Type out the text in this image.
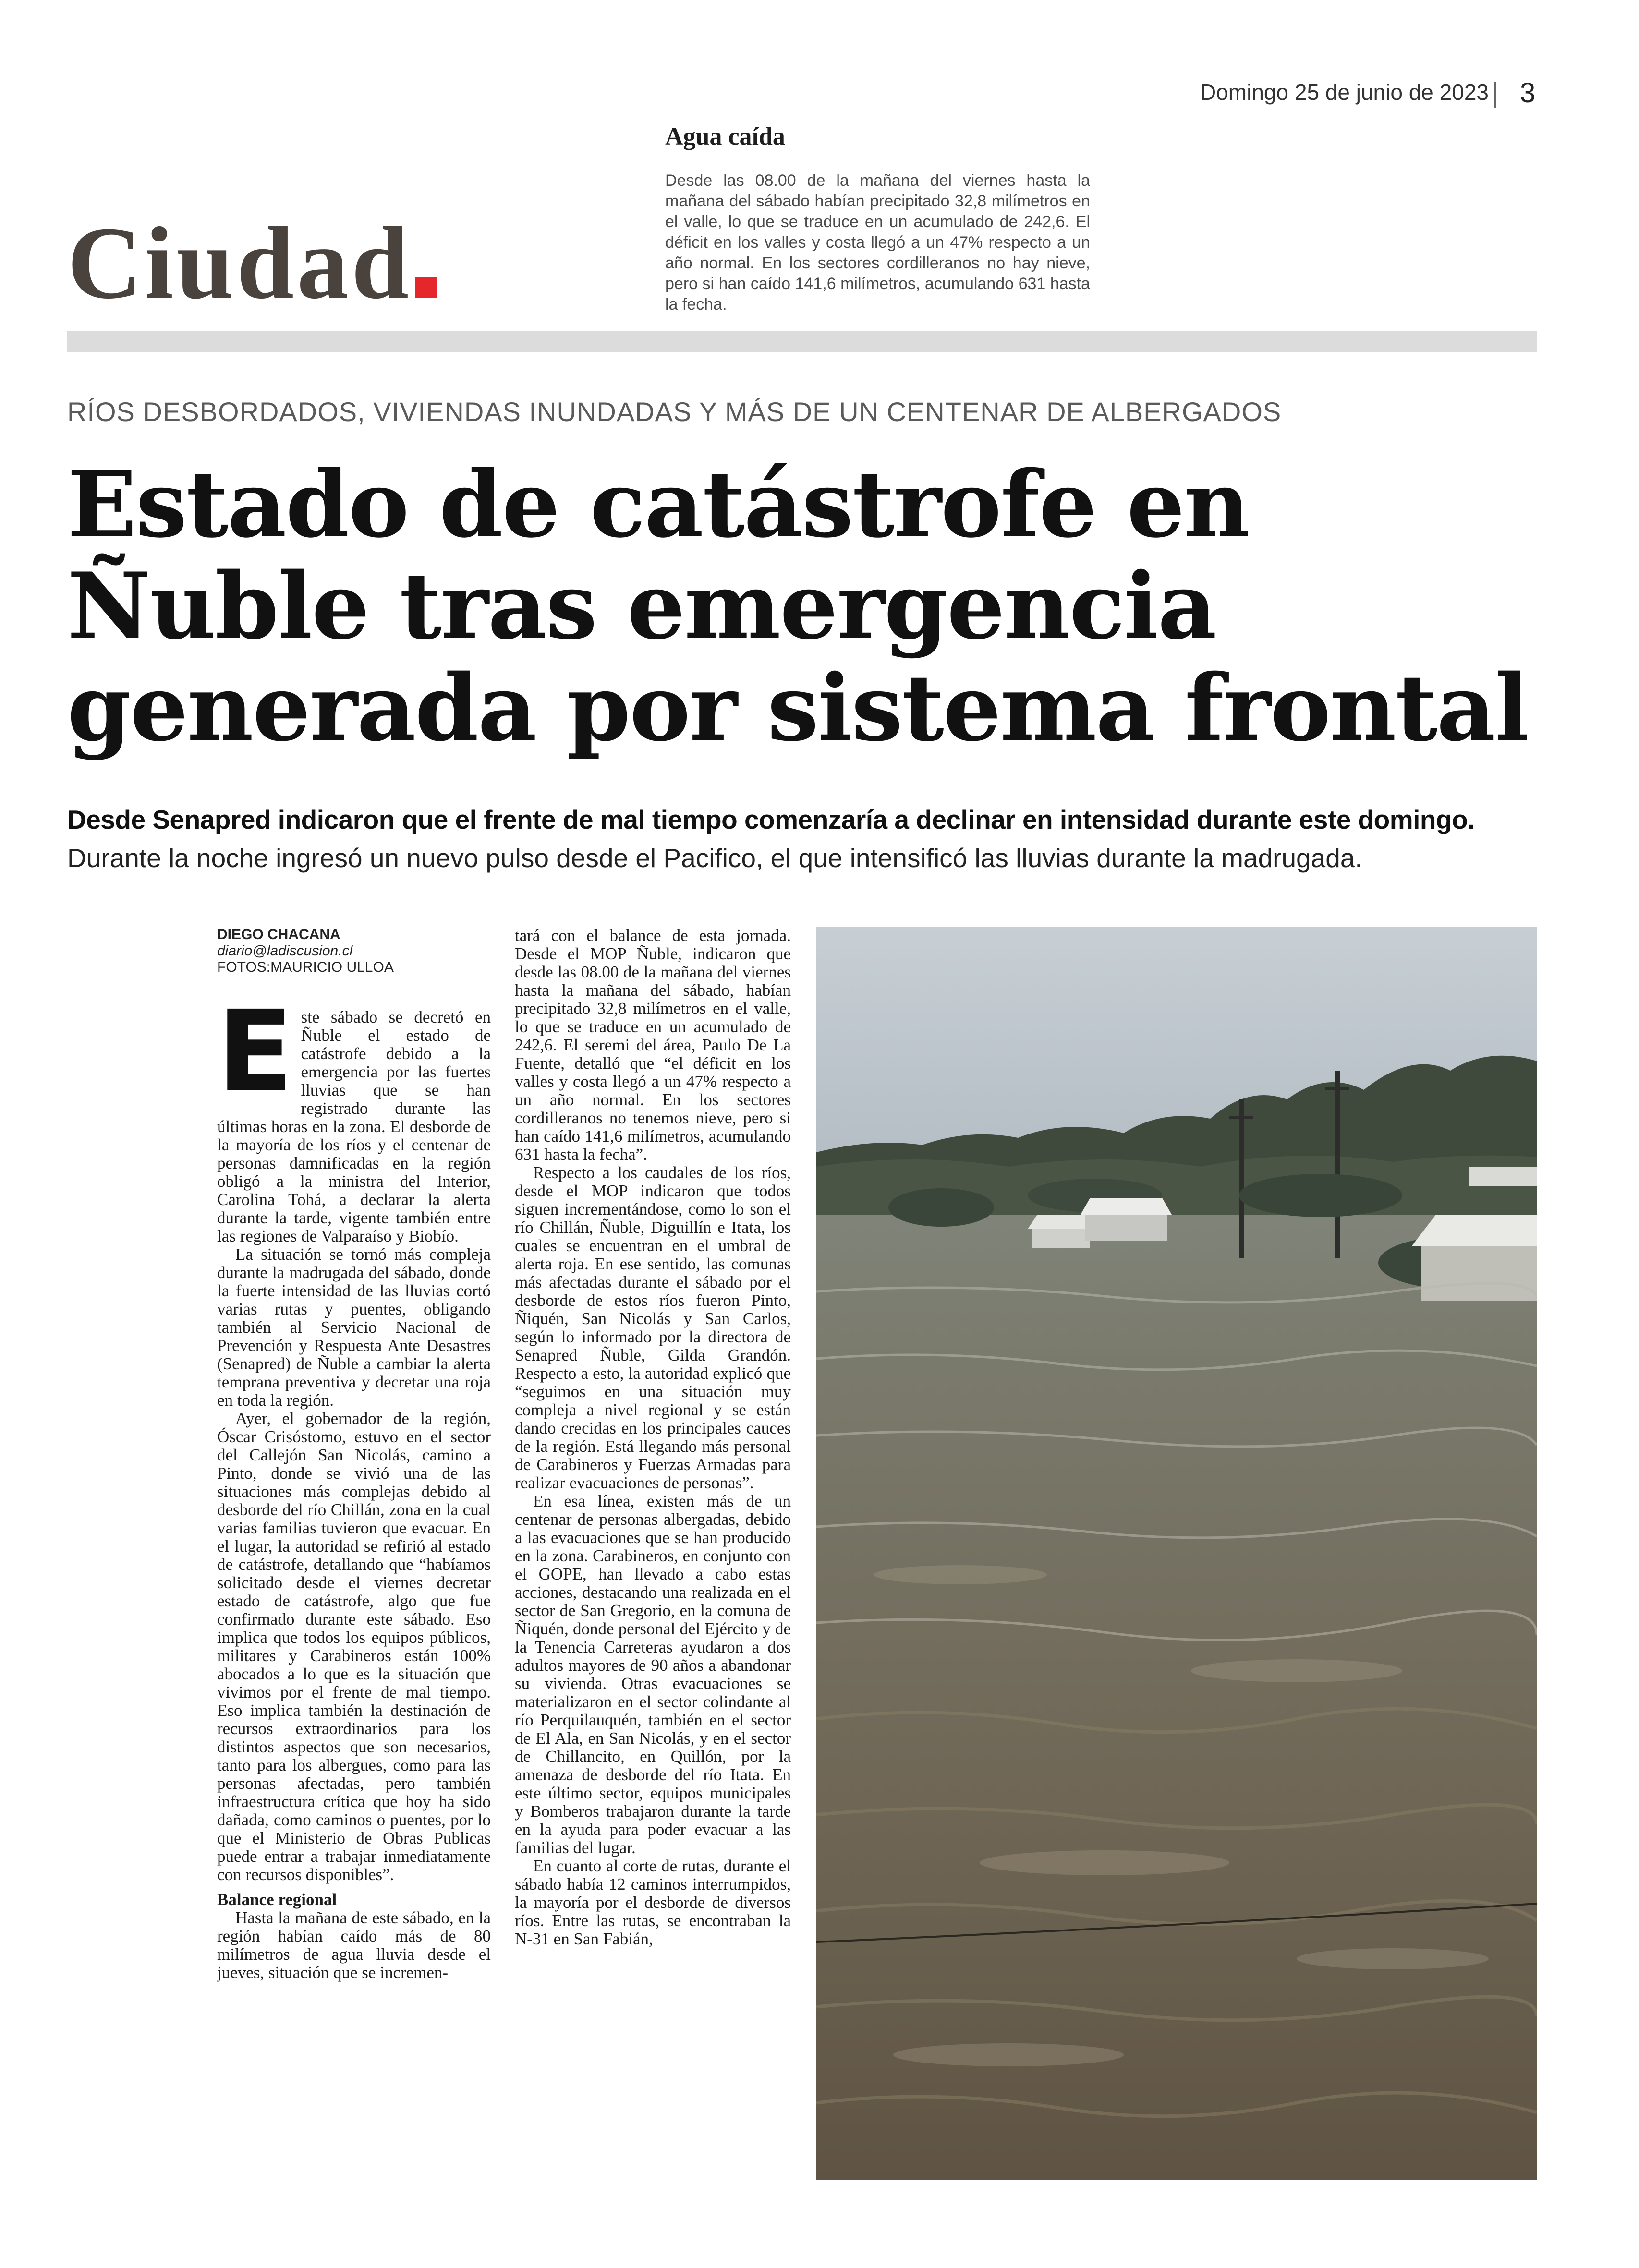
Domingo 25 de junio de 2023 3
Ciudad
Agua caída
Desde las 08.00 de la mañana del viernes hasta la mañana del sábado habían precipitado 32,8 milímetros en el valle, lo que se traduce en un acumulado de 242,6. El déficit en los valles y costa llegó a un 47% respecto a un año normal. En los sectores cordilleranos no hay nieve, pero si han caído 141,6 milímetros, acumulando 631 hasta la fecha.
RÍOS DESBORDADOS, VIVIENDAS INUNDADAS Y MÁS DE UN CENTENAR DE ALBERGADOS
Estado de catástrofe en
Ñuble tras emergencia
generada por sistema frontal
Desde Senapred indicaron que el frente de mal tiempo comenzaría a declinar en intensidad durante este domingo.
Durante la noche ingresó un nuevo pulso desde el Pacifico, el que intensificó las lluvias durante la madrugada.
DIEGO CHACANA
diario@ladiscusion.cl
FOTOS:MAURICIO ULLOA
E ste sábado se decretó en Ñuble el estado de catástrofe debido a la emergencia por las fuertes lluvias que se han registrado durante las últimas horas en la zona. El desborde de la mayoría de los ríos y el centenar de personas damnificadas en la región obligó a la ministra del Interior, Carolina Tohá, a declarar la alerta durante la tarde, vigente también entre las regiones de Valparaíso y Biobío.

La situación se tornó más compleja durante la madrugada del sábado, donde la fuerte intensidad de las lluvias cortó varias rutas y puentes, obligando también al Servicio Nacional de Prevención y Respuesta Ante Desastres (Senapred) de Ñuble a cambiar la alerta temprana preventiva y decretar una roja en toda la región.

Ayer, el gobernador de la región, Óscar Crisóstomo, estuvo en el sector del Callejón San Nicolás, camino a Pinto, donde se vivió una de las situaciones más complejas debido al desborde del río Chillán, zona en la cual varias familias tuvieron que evacuar. En el lugar, la autoridad se refirió al estado de catástrofe, detallando que “habíamos solicitado desde el viernes decretar estado de catástrofe, algo que fue confirmado durante este sábado. Eso implica que todos los equipos públicos, militares y Carabineros están 100% abocados a lo que es la situación que vivimos por el frente de mal tiempo. Eso implica también la destinación de recursos extraordinarios para los distintos aspectos que son necesarios, tanto para los albergues, como para las personas afectadas, pero también infraestructura crítica que hoy ha sido dañada, como caminos o puentes, por lo que el Ministerio de Obras Publicas puede entrar a trabajar inmediatamente con recursos disponibles”.

Balance regional

Hasta la mañana de este sábado, en la región habían caído más de 80 milímetros de agua lluvia desde el jueves, situación que se incremen-

tará con el balance de esta jornada. Desde el MOP Ñuble, indicaron que desde las 08.00 de la mañana del viernes hasta la mañana del sábado, habían precipitado 32,8 milímetros en el valle, lo que se traduce en un acumulado de 242,6. El seremi del área, Paulo De La Fuente, detalló que “el déficit en los valles y costa llegó a un 47% respecto a un año normal. En los sectores cordilleranos no tenemos nieve, pero si han caído 141,6 milímetros, acumulando 631 hasta la fecha”.

Respecto a los caudales de los ríos, desde el MOP indicaron que todos siguen incrementándose, como lo son el río Chillán, Ñuble, Diguillín e Itata, los cuales se encuentran en el umbral de alerta roja. En ese sentido, las comunas más afectadas durante el sábado por el desborde de estos ríos fueron Pinto, Ñiquén, San Nicolás y San Carlos, según lo informado por la directora de Senapred Ñuble, Gilda Grandón. Respecto a esto, la autoridad explicó que “seguimos en una situación muy compleja a nivel regional y se están dando crecidas en los principales cauces de la región. Está llegando más personal de Carabineros y Fuerzas Armadas para realizar evacuaciones de personas”.

En esa línea, existen más de un centenar de personas albergadas, debido a las evacuaciones que se han producido en la zona. Carabineros, en conjunto con el GOPE, han llevado a cabo estas acciones, destacando una realizada en el sector de San Gregorio, en la comuna de Ñiquén, donde personal del Ejército y de la Tenencia Carreteras ayudaron a dos adultos mayores de 90 años a abandonar su vivienda. Otras evacuaciones se materializaron en el sector colindante al río Perquilauquén, también en el sector de El Ala, en San Nicolás, y en el sector de Chillancito, en Quillón, por la amenaza de desborde del río Itata. En este último sector, equipos municipales y Bomberos trabajaron durante la tarde en la ayuda para poder evacuar a las familias del lugar.

En cuanto al corte de rutas, durante el sábado había 12 caminos interrumpidos, la mayoría por el desborde de diversos ríos. Entre las rutas, se encontraban la N-31 en San Fabián,
